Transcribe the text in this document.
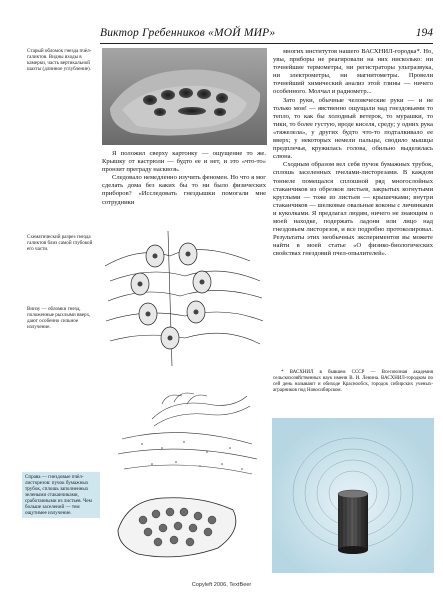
Виктор Гребенников «МОЙ МИР»	194
Старый обломок гнезда пчёл-галиктов. Видны входы в камерки, часть вертикальной шахты (длинное углубление).
Схематический разрез гнезда галиктов близ самой глубокой его части.
Внизу — обломки гнезд, положенные рыхлыми вверх, дают особенно сильное излучение.
Справа — гнездовые пчёл-листорезов: пучок бумажных трубок, сплошь заполненных зелеными стаканчиками, сработанными из листьев. Чем больше заселений — тем ощутимее излучение.

Я положил сверху картонку — ощущение то же. Крышку от кастрюли — будто ее и нет, и это «что-то» пронзит преграду насквозь.

Следовало немедленно изучить феномен. Но что я мог сделать дома без каких бы то ни было физических приборов? «Исследовать гнездышки помогали мне сотрудники

многих институтов нашего ВАСХНИЛ-городка*. Но, увы, приборы не реагировали на них нисколько: ни точнейшие термометры, ни регистраторы ультразвука, ни электрометры, ни магнитометры. Провели точнейший химический анализ этой глины — ничего особенного. Молчал и радиометр...

Зато руки, обычные человеческие руки — и не только мои! — явственно ощущали над гнездовьями то тепло, то как бы холодный ветерок, то мурашки, то тики, то более густую, вроде киселя, среду; у одних рука «тяжелела», у других будто что-то подталкивало ее вверх; у некоторых немели пальцы, сводило мышцы предплечья, кружилась голова, обильно выделялась слюна.

Сходным образом вел себя пучок бумажных трубок, сплошь заселенных пчелами-листорезами. В каждом тоннеле помещался сплошной ряд многослойных стаканчиков из обрезков листьев, закрытых когнутыми круглыми — тоже из листьев — крышечками; внутри стаканчиков — шелковые овальные коконы с личинками и куколками. Я предлагал людям, ничего не знающим о моей находке, подержать ладони или лицо над гнездовьем листорезов, и все подробно протоколировал. Результаты этих необычных экспериментов вы можете найти в моей статье «О физико-биологических свойствах гнездовий пчел-опылителей».

* ВАСХНИЛ в бывшем СССР — Всесоюзная академия сельскохозяйственных наук имени В. И. Ленина. ВАСХНИЛ-городком по сей день называют и обиходе Краснообск, городок сибирских ученых-аграрников под Новосибирском.

Copyleft 2006, TextBeer
